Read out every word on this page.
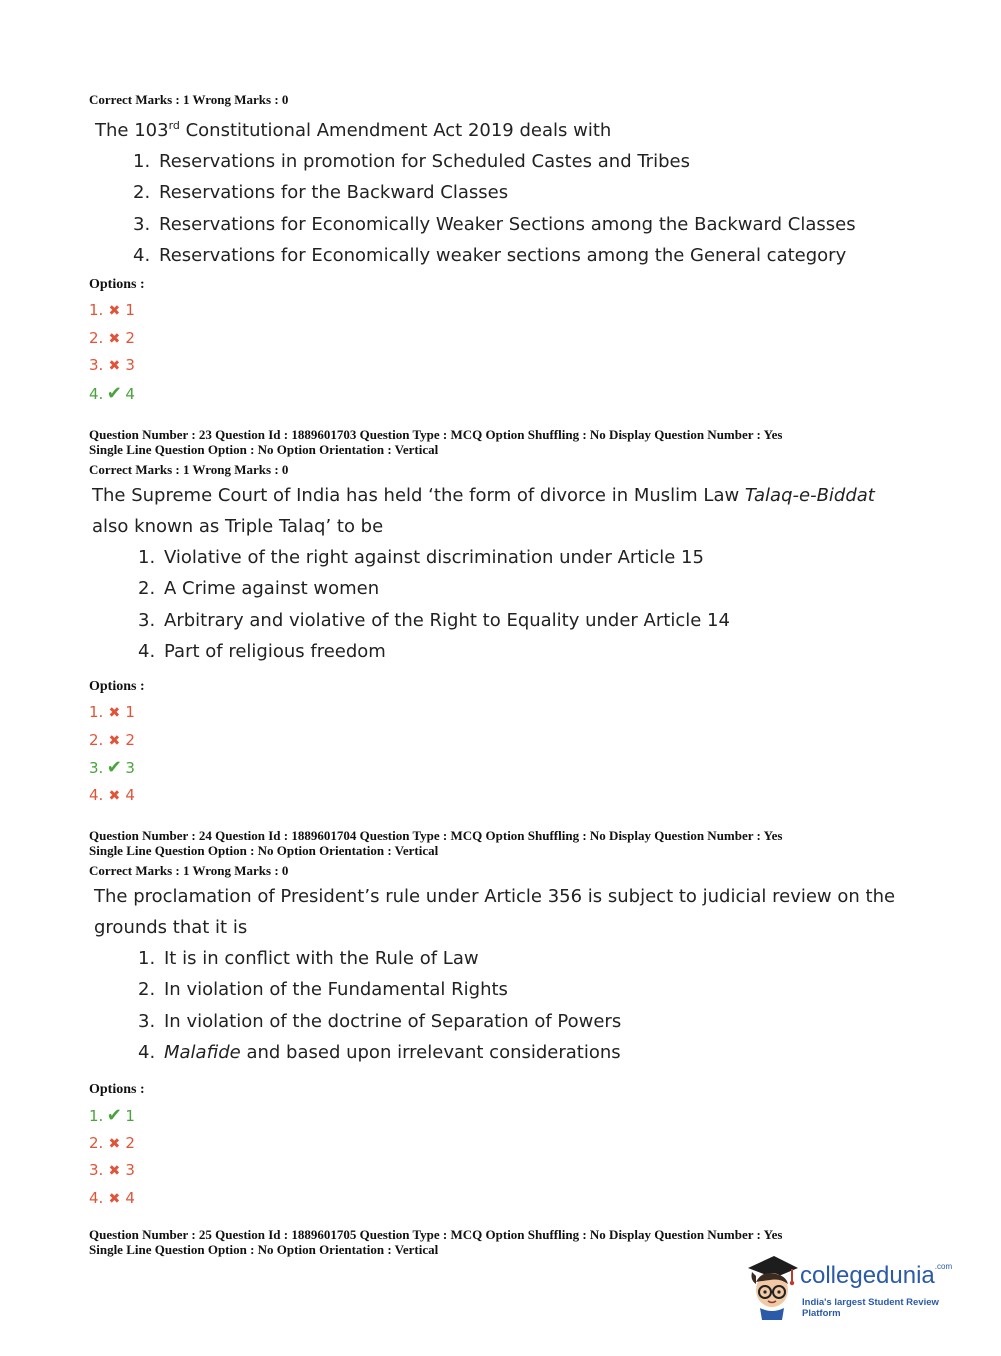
Correct Marks : 1 Wrong Marks : 0
The 103rd Constitutional Amendment Act 2019 deals with
1. Reservations in promotion for Scheduled Castes and Tribes
2. Reservations for the Backward Classes
3. Reservations for Economically Weaker Sections among the Backward Classes
4. Reservations for Economically weaker sections among the General category
Options :
1. ✖ 1
2. ✖ 2
3. ✖ 3
4. ✔ 4
Question Number : 23 Question Id : 1889601703 Question Type : MCQ Option Shuffling : No Display Question Number : Yes
Single Line Question Option : No Option Orientation : Vertical
Correct Marks : 1 Wrong Marks : 0
The Supreme Court of India has held ‘the form of divorce in Muslim Law Talaq-e-Biddat
also known as Triple Talaq’ to be
1. Violative of the right against discrimination under Article 15
2. A Crime against women
3. Arbitrary and violative of the Right to Equality under Article 14
4. Part of religious freedom
Options :
1. ✖ 1
2. ✖ 2
3. ✔ 3
4. ✖ 4
Question Number : 24 Question Id : 1889601704 Question Type : MCQ Option Shuffling : No Display Question Number : Yes
Single Line Question Option : No Option Orientation : Vertical
Correct Marks : 1 Wrong Marks : 0
The proclamation of President’s rule under Article 356 is subject to judicial review on the
grounds that it is
1. It is in conflict with the Rule of Law
2. In violation of the Fundamental Rights
3. In violation of the doctrine of Separation of Powers
4. Malafide and based upon irrelevant considerations
Options :
1. ✔ 1
2. ✖ 2
3. ✖ 3
4. ✖ 4
Question Number : 25 Question Id : 1889601705 Question Type : MCQ Option Shuffling : No Display Question Number : Yes
Single Line Question Option : No Option Orientation : Vertical
collegedunia$^{.com}$
India's largest Student Review Platform
